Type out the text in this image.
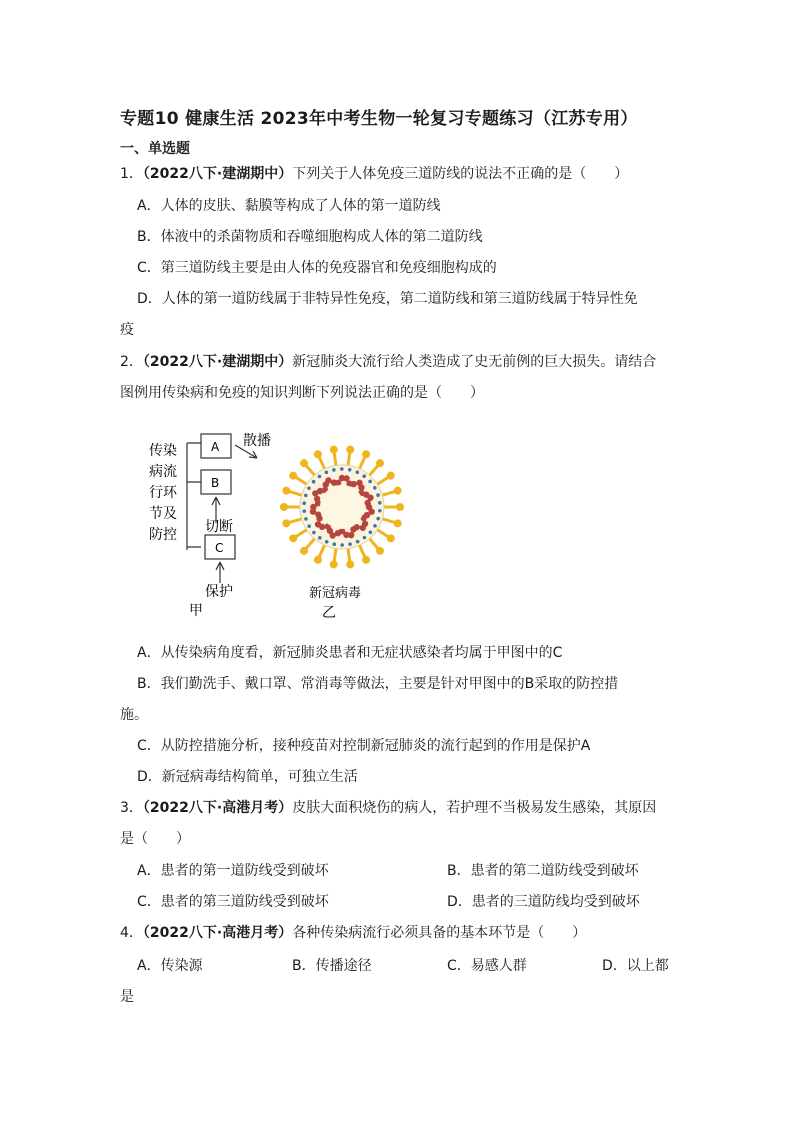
专题10 健康生活 2023年中考生物一轮复习专题练习（江苏专用）
一、单选题
1．（2022八下·建湖期中）下列关于人体免疫三道防线的说法不正确的是（　　）
A．人体的皮肤、黏膜等构成了人体的第一道防线
B．体液中的杀菌物质和吞噬细胞构成人体的第二道防线
C．第三道防线主要是由人体的免疫器官和免疫细胞构成的
D．人体的第一道防线属于非特异性免疫，第二道防线和第三道防线属于特异性免
疫
2．（2022八下·建湖期中）新冠肺炎大流行给人类造成了史无前例的巨大损失。请结合
图例用传染病和免疫的知识判断下列说法正确的是（　　）
传染
病流
行环
节及
防控
A
B
C
散播
切断
保护
甲
新冠病毒
乙
A．从传染病角度看，新冠肺炎患者和无症状感染者均属于甲图中的C
B．我们勤洗手、戴口罩、常消毒等做法，主要是针对甲图中的B采取的防控措
施。
C．从防控措施分析，接种疫苗对控制新冠肺炎的流行起到的作用是保护A
D．新冠病毒结构简单，可独立生活
3．（2022八下·高港月考）皮肤大面积烧伤的病人，若护理不当极易发生感染，其原因
是（　　）
A．患者的第一道防线受到破坏	B．患者的第二道防线受到破坏
C．患者的第三道防线受到破坏	D．患者的三道防线均受到破坏
4．（2022八下·高港月考）各种传染病流行必须具备的基本环节是（　　）
A．传染源	B．传播途径	C．易感人群	D．以上都
是
